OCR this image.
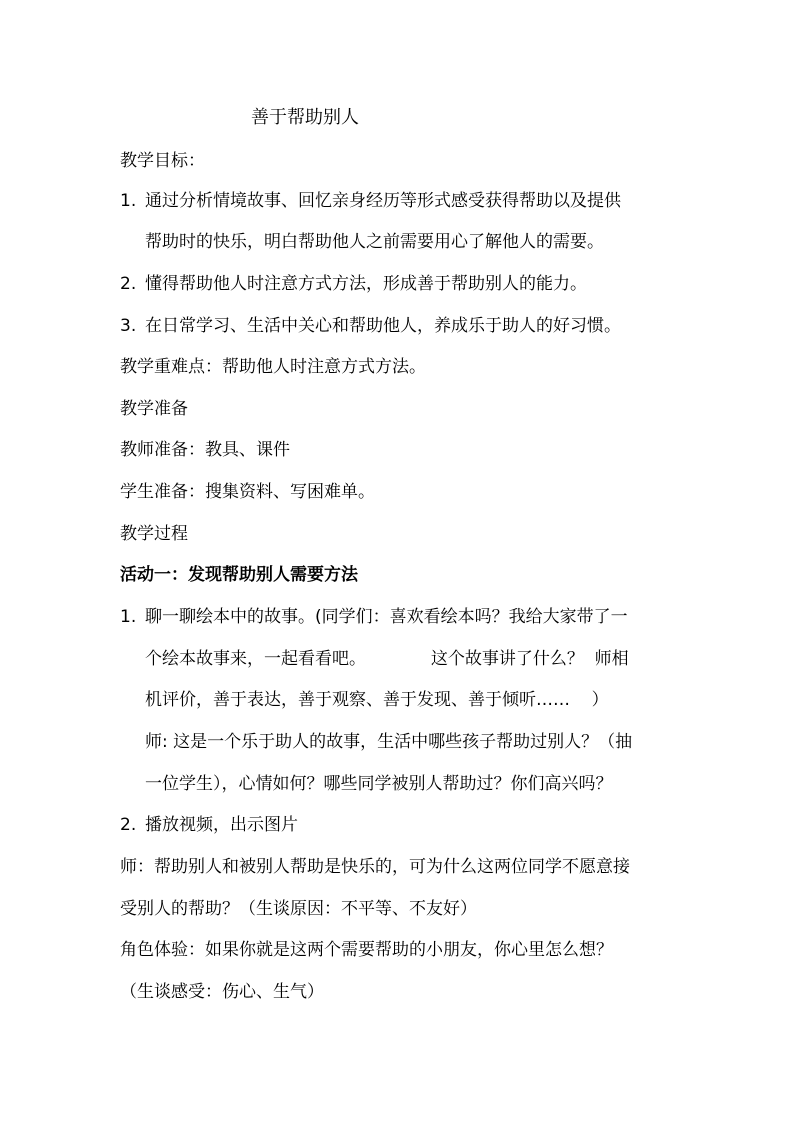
善于帮助别人
教学目标：
1. 通过分析情境故事、回忆亲身经历等形式感受获得帮助以及提供
帮助时的快乐，明白帮助他人之前需要用心了解他人的需要。
2. 懂得帮助他人时注意方式方法，形成善于帮助别人的能力。
3. 在日常学习、生活中关心和帮助他人，养成乐于助人的好习惯。
教学重难点：帮助他人时注意方式方法。
教学准备
教师准备：教具、课件
学生准备：搜集资料、写困难单。
教学过程
活动一：发现帮助别人需要方法
1. 聊一聊绘本中的故事。(同学们：喜欢看绘本吗？我给大家带了一
个绘本故事来，一起看看吧。            这个故事讲了什么？  师相
机评价，善于表达，善于观察、善于发现、善于倾听……    ）
师: 这是一个乐于助人的故事，生活中哪些孩子帮助过别人？（抽
一位学生），心情如何？哪些同学被别人帮助过？你们高兴吗？
2. 播放视频，出示图片
师：帮助别人和被别人帮助是快乐的，可为什么这两位同学不愿意接
受别人的帮助？（生谈原因：不平等、不友好）
角色体验：如果你就是这两个需要帮助的小朋友，你心里怎么想？
（生谈感受：伤心、生气）
